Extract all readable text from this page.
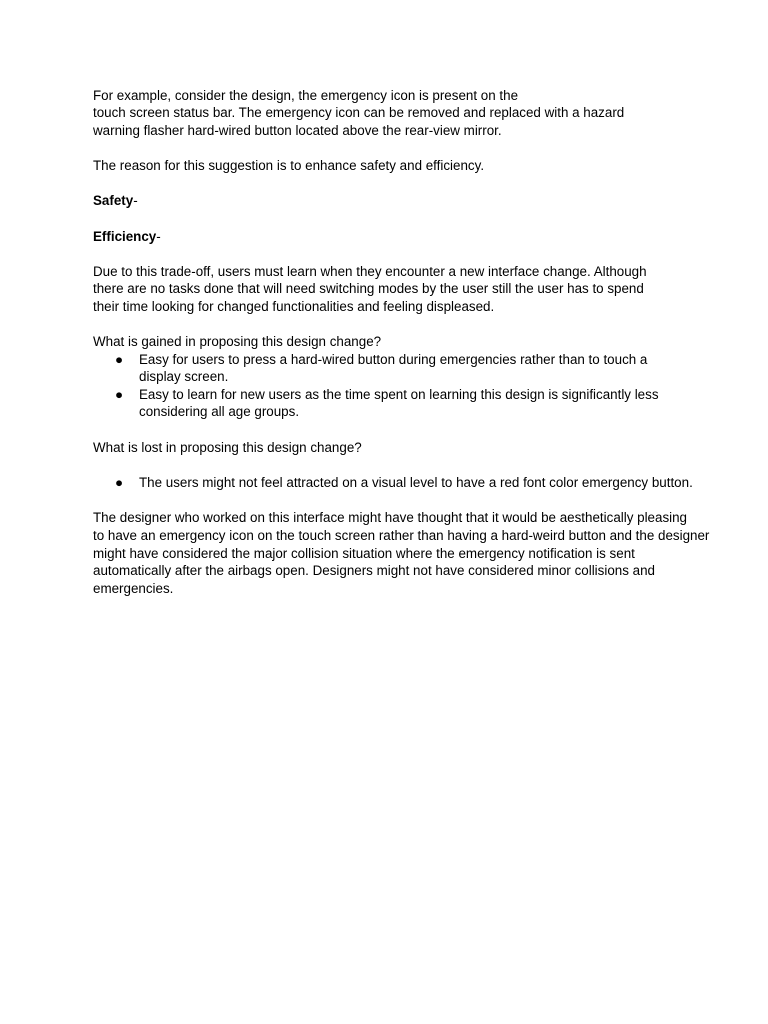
For example, consider the design, the emergency icon is present on the

touch screen status bar. The emergency icon can be removed and replaced with a hazard

warning flasher hard-wired button located above the rear-view mirror.

The reason for this suggestion is to enhance safety and efficiency.

Safety-

Efficiency-

Due to this trade-off, users must learn when they encounter a new interface change. Although

there are no tasks done that will need switching modes by the user still the user has to spend

their time looking for changed functionalities and feeling displeased.

What is gained in proposing this design change?

● Easy for users to press a hard-wired button during emergencies rather than to touch a

display screen.

● Easy to learn for new users as the time spent on learning this design is significantly less

considering all age groups.

What is lost in proposing this design change?

● The users might not feel attracted on a visual level to have a red font color emergency button.

The designer who worked on this interface might have thought that it would be aesthetically pleasing

to have an emergency icon on the touch screen rather than having a hard-weird button and the designer

might have considered the major collision situation where the emergency notification is sent

automatically after the airbags open. Designers might not have considered minor collisions and

emergencies.
